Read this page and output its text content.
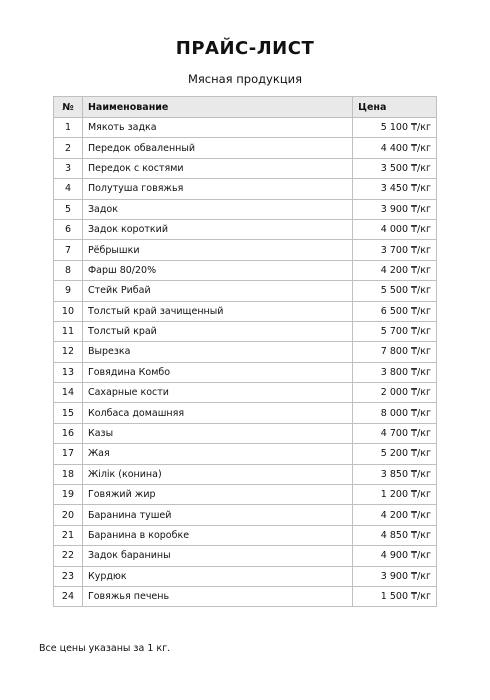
ПРАЙС-ЛИСТ
Мясная продукция
№	Наименование	Цена
1	Мякоть задка	5 100 ₸/кг
2	Передок обваленный	4 400 ₸/кг
3	Передок с костями	3 500 ₸/кг
4	Полутуша говяжья	3 450 ₸/кг
5	Задок	3 900 ₸/кг
6	Задок короткий	4 000 ₸/кг
7	Рёбрышки	3 700 ₸/кг
8	Фарш 80/20%	4 200 ₸/кг
9	Стейк Рибай	5 500 ₸/кг
10	Толстый край зачищенный	6 500 ₸/кг
11	Толстый край	5 700 ₸/кг
12	Вырезка	7 800 ₸/кг
13	Говядина Комбо	3 800 ₸/кг
14	Сахарные кости	2 000 ₸/кг
15	Колбаса домашняя	8 000 ₸/кг
16	Казы	4 700 ₸/кг
17	Жая	5 200 ₸/кг
18	Жiлiк (конина)	3 850 ₸/кг
19	Говяжий жир	1 200 ₸/кг
20	Баранина тушей	4 200 ₸/кг
21	Баранина в коробке	4 850 ₸/кг
22	Задок баранины	4 900 ₸/кг
23	Курдюк	3 900 ₸/кг
24	Говяжья печень	1 500 ₸/кг
Все цены указаны за 1 кг.
